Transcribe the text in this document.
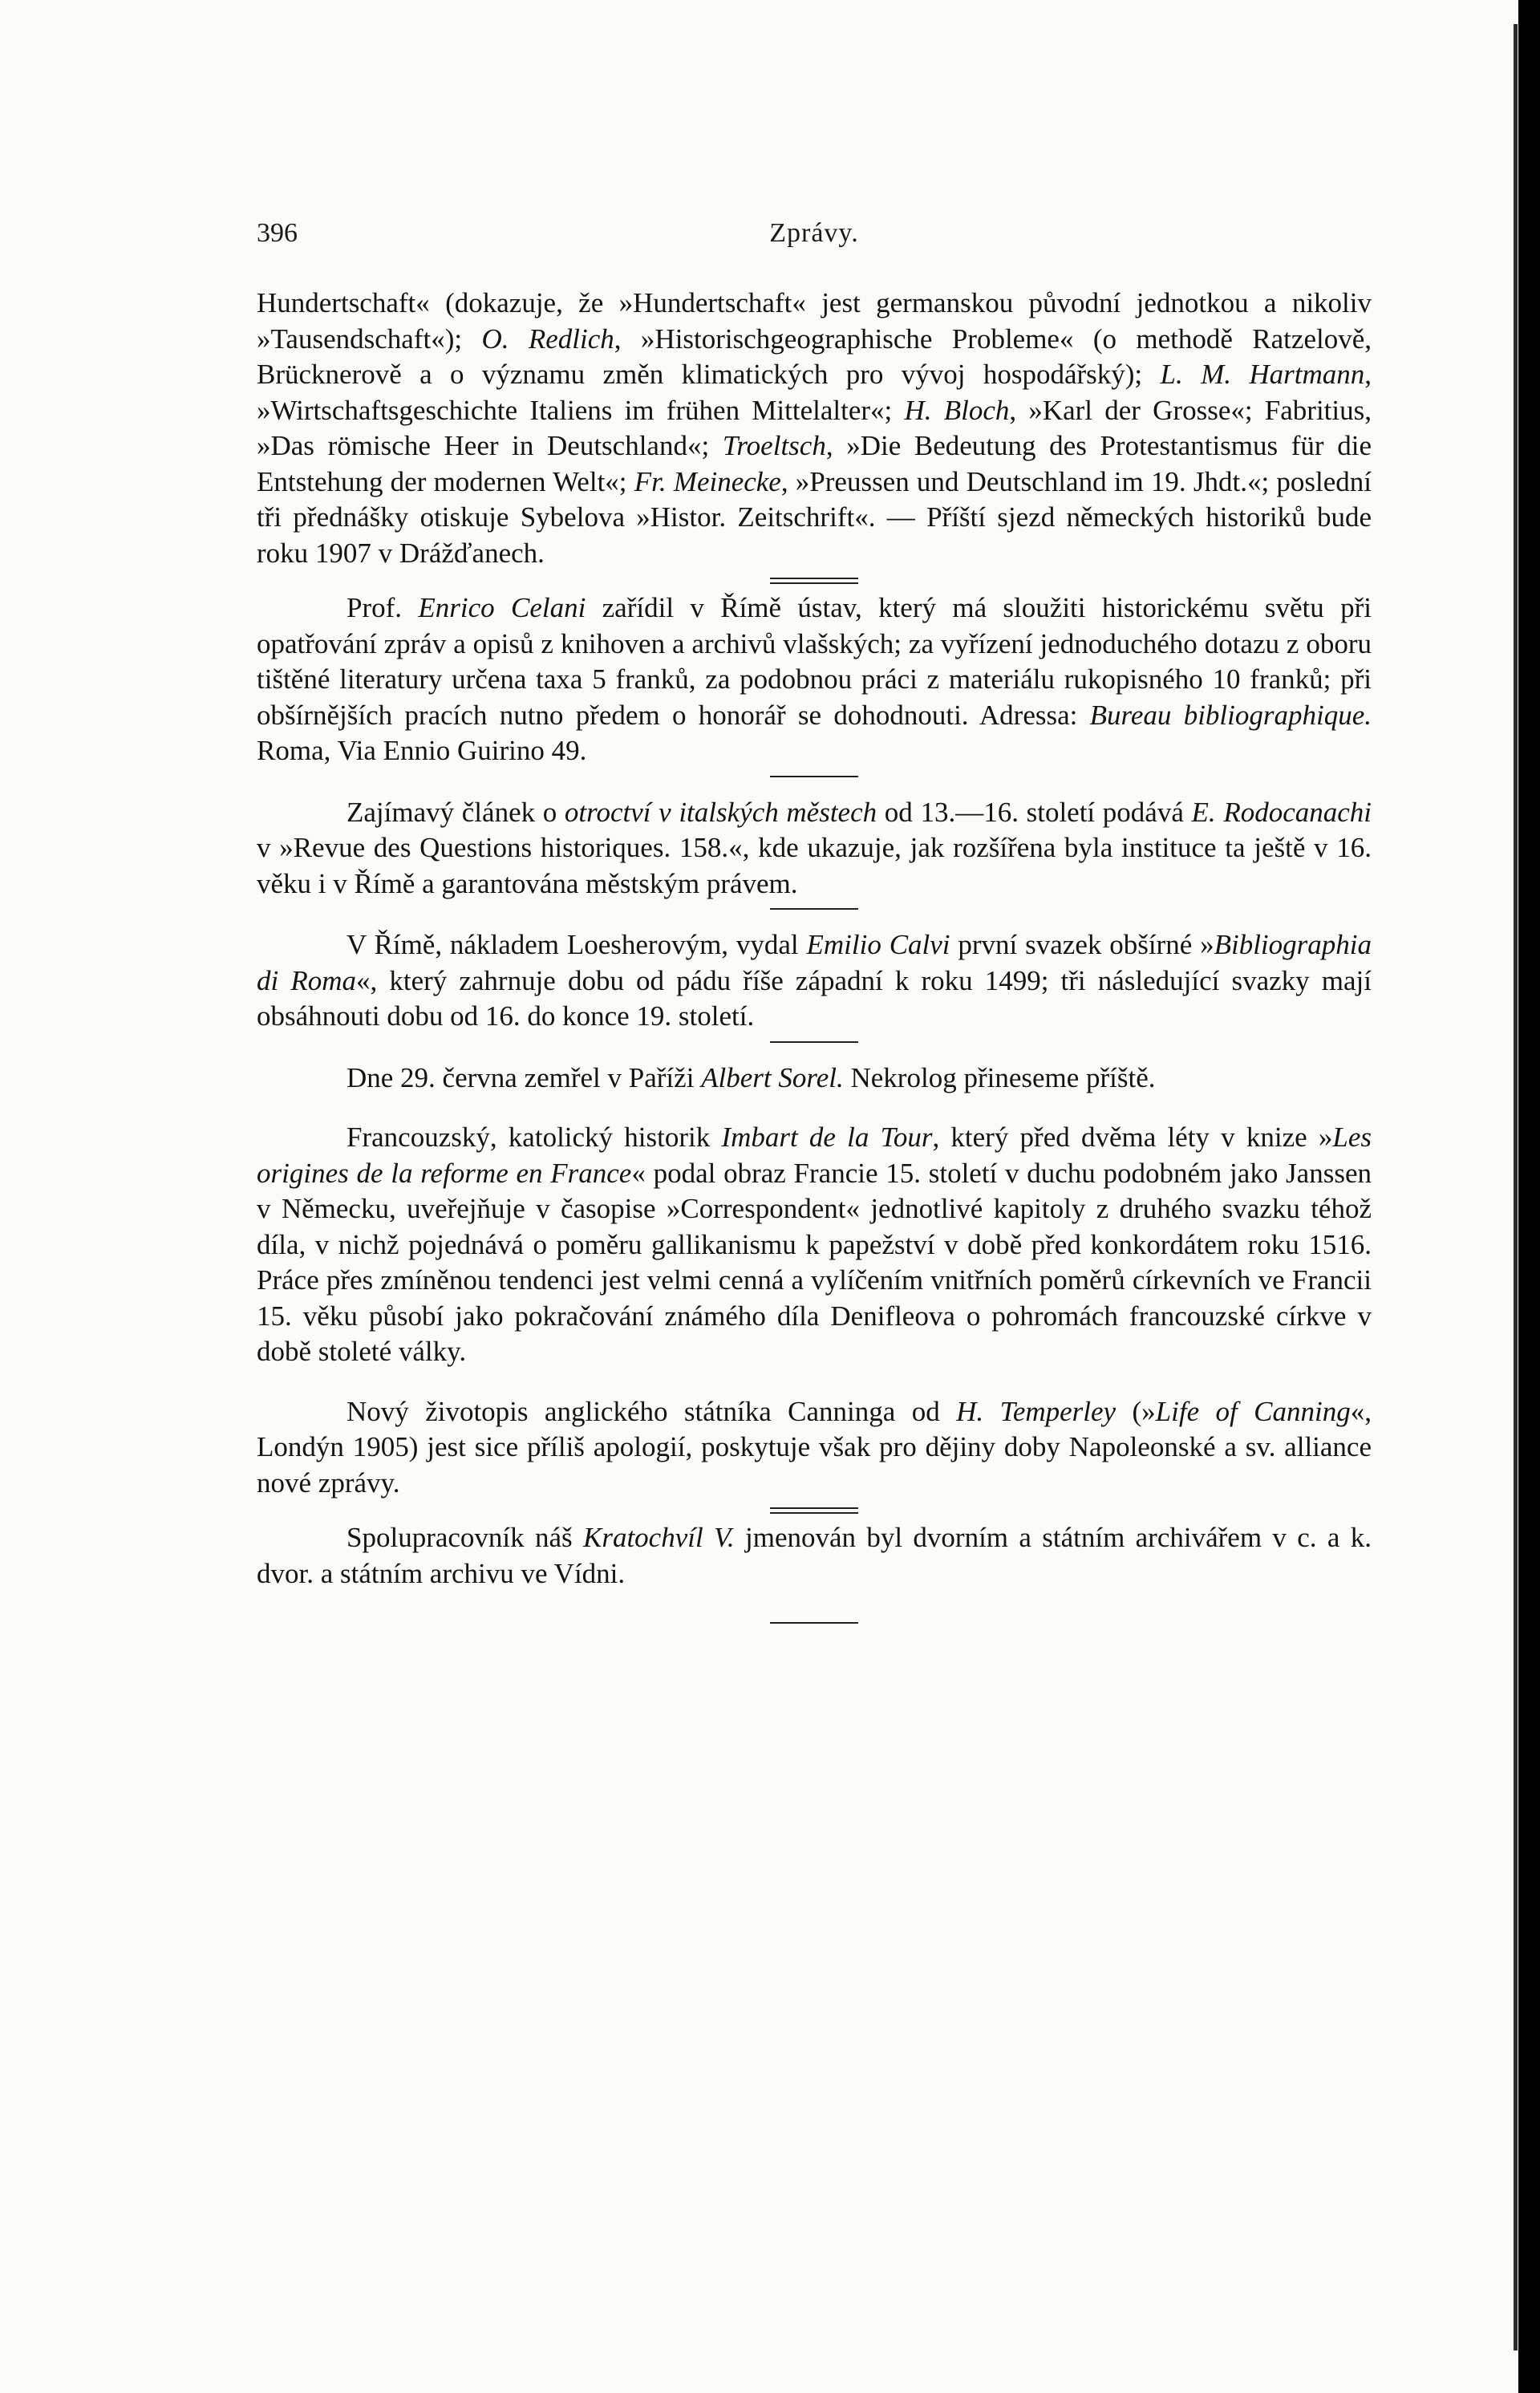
396	Zprávy.

Hundertschaft« (dokazuje, že »Hundertschaft« jest germanskou původní jednotkou a nikoliv »Tausendschaft«); O. Redlich, »Historischgeographische Probleme« (o methodě Ratzelově, Brücknerově a o významu změn klimatických pro vývoj hospodářský); L. M. Hartmann, »Wirtschaftsgeschichte Italiens im frühen Mittelalter«; H. Bloch, »Karl der Grosse«; Fabritius, »Das römische Heer in Deutschland«; Troeltsch, »Die Bedeutung des Protestantismus für die Entstehung der modernen Welt«; Fr. Meinecke, »Preussen und Deutschland im 19. Jhdt.«; poslední tři přednášky otiskuje Sybelova »Histor. Zeitschrift«. — Příští sjezd německých historiků bude roku 1907 v Drážďanech.

Prof. Enrico Celani zařídil v Římě ústav, který má sloužiti historickému světu při opatřování zpráv a opisů z knihoven a archivů vlašských; za vyřízení jednoduchého dotazu z oboru tištěné literatury určena taxa 5 franků, za podobnou práci z materiálu rukopisného 10 franků; při obšírnějších pracích nutno předem o honorář se dohodnouti. Adressa: Bureau bibliographique. Roma, Via Ennio Guirino 49.

Zajímavý článek o otroctví v italských městech od 13.—16. století podává E. Rodocanachi v »Revue des Questions historiques. 158.«, kde ukazuje, jak rozšířena byla instituce ta ještě v 16. věku i v Římě a garantována městským právem.

V Římě, nákladem Loesherovým, vydal Emilio Calvi první svazek obšírné »Bibliographia di Roma«, který zahrnuje dobu od pádu říše západní k roku 1499; tři následující svazky mají obsáhnouti dobu od 16. do konce 19. století.

Dne 29. června zemřel v Paříži Albert Sorel. Nekrolog přineseme příště.

Francouzský, katolický historik Imbart de la Tour, který před dvěma léty v knize »Les origines de la reforme en France« podal obraz Francie 15. století v duchu podobném jako Janssen v Německu, uveřejňuje v časopise »Correspondent« jednotlivé kapitoly z druhého svazku téhož díla, v nichž pojednává o poměru gallikanismu k papežství v době před konkordátem roku 1516. Práce přes zmíněnou tendenci jest velmi cenná a vylíčením vnitřních poměrů církevních ve Francii 15. věku působí jako pokračování známého díla Denifleova o pohromách francouzské církve v době stoleté války.

Nový životopis anglického státníka Canninga od H. Temperley (»Life of Canning«, Londýn 1905) jest sice příliš apologií, poskytuje však pro dějiny doby Napoleonské a sv. alliance nové zprávy.

Spolupracovník náš Kratochvíl V. jmenován byl dvorním a státním archivářem v c. a k. dvor. a státním archivu ve Vídni.
